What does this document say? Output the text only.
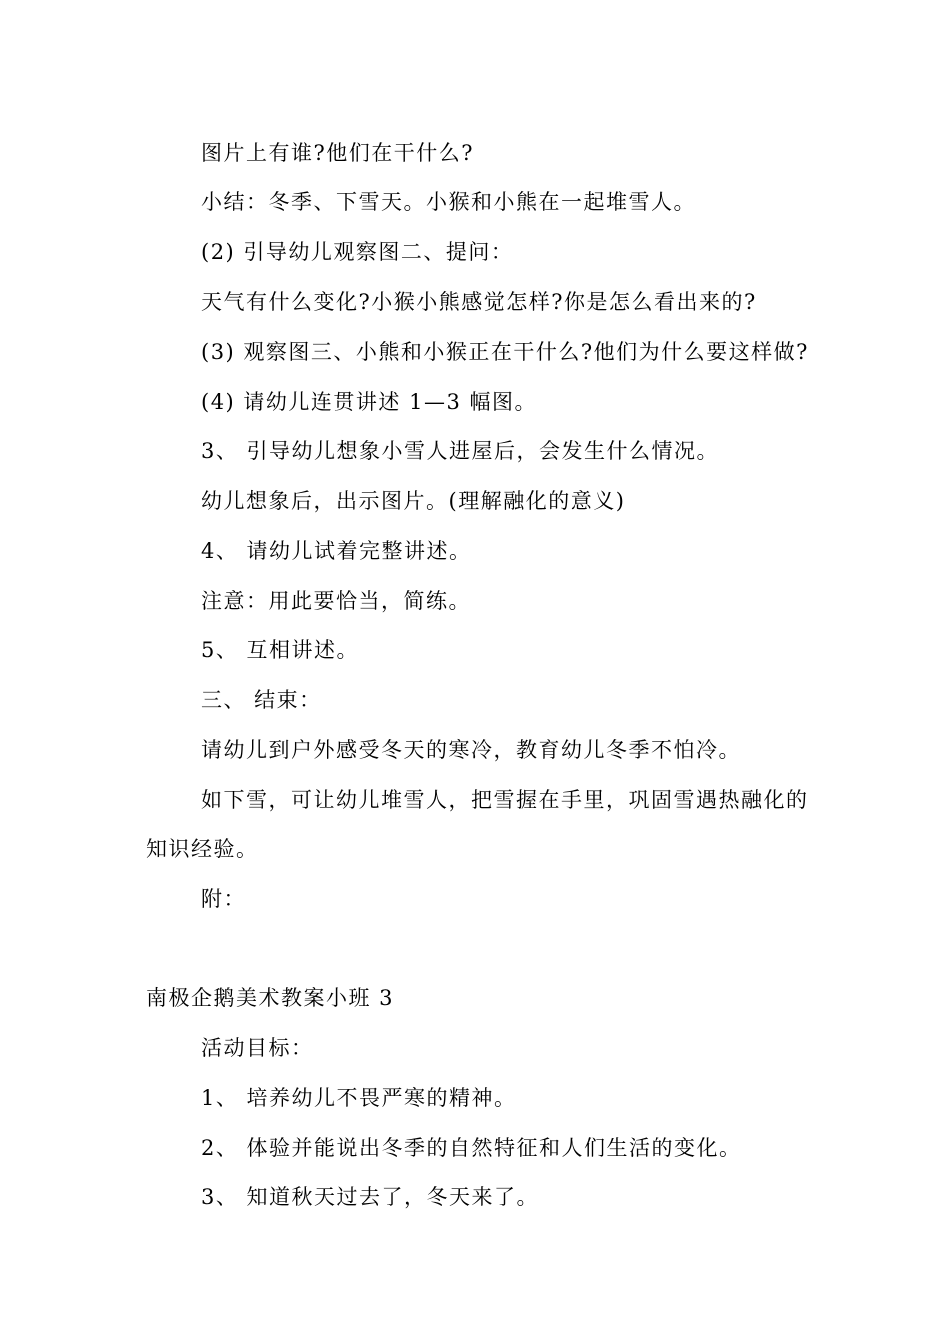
图片上有谁?他们在干什么?
小结：冬季、下雪天。小猴和小熊在一起堆雪人。
(2) 引导幼儿观察图二、提问：
天气有什么变化?小猴小熊感觉怎样?你是怎么看出来的?
(3) 观察图三、小熊和小猴正在干什么?他们为什么要这样做?
(4) 请幼儿连贯讲述 1—3 幅图。
3、 引导幼儿想象小雪人进屋后，会发生什么情况。
幼儿想象后，出示图片。(理解融化的意义)
4、 请幼儿试着完整讲述。
注意：用此要恰当，简练。
5、 互相讲述。
三、 结束：
请幼儿到户外感受冬天的寒冷，教育幼儿冬季不怕冷。
如下雪，可让幼儿堆雪人，把雪握在手里，巩固雪遇热融化的
知识经验。
附：
南极企鹅美术教案小班 3
活动目标：
1、 培养幼儿不畏严寒的精神。
2、 体验并能说出冬季的自然特征和人们生活的变化。
3、 知道秋天过去了，冬天来了。
